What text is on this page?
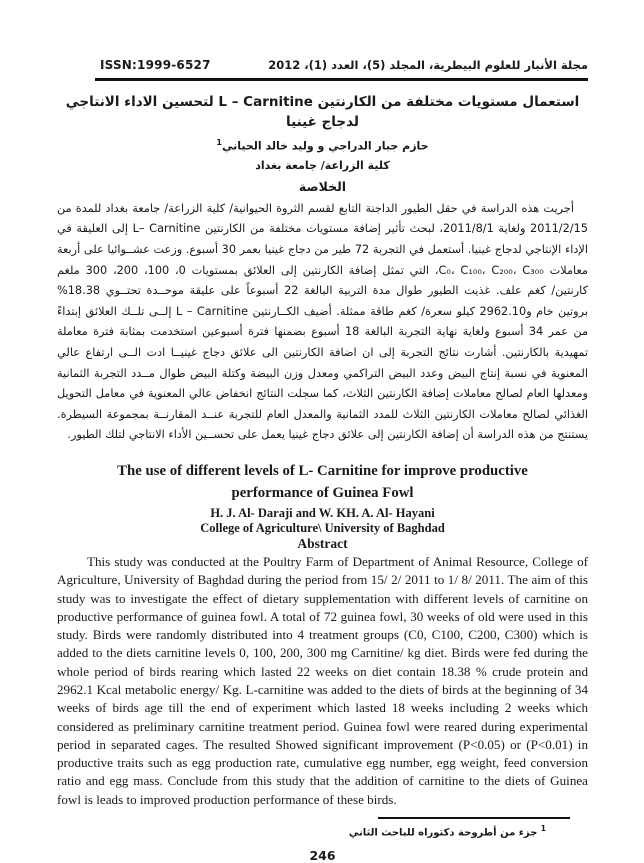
ISSN:1999-6527	مجلة الأنبار للعلوم البيطرية، المجلد (5)، العدد (1)، 2012
استعمال مستويات مختلفة من الكارنتين L – Carnitine لتحسين الاداء الانتاجي لدجاج غينيا
حازم جبار الدراجي و وليد خالد الحياني$^1$
كلية الزراعة/ جامعة بغداد
الخلاصة

أجريت هذه الدراسة في حقل الطيور الداجنة التابع لقسم الثروة الحيوانية/ كلية الزراعة/ جامعة بغداد للمدة من 2011/2/15 ولغاية 2011/8/1، لبحث تأثير إضافة مستويات مختلفة من الكارنتين L– Carnitine إلى العليقة في الإداء الإنتاجي لدجاج غينيا. أستعمل في التجربة 72 طير من دجاج غينيا بعمر 30 أسبوع. وزعت عشــوائيا على أربعة معاملات C₀، C₁₀₀، C₂₀₀، C₃₀₀، التي تمثل إضافة الكارنتين إلى العلائق بمستويات 0، 100، 200، 300 ملغم كارنتين/ كغم علف. غذيت الطيور طوال مدة التربية البالغة 22 أسبوعاً على عليقة موحــدة تحتــوي 18.38% بروتين خام و2962.10 كيلو سعرة/ كغم طاقة ممثلة. أضيف الكــارنتين L – Carnitine إلــى تلــك العلائق إبتداءً من عمر 34 أسبوع ولغاية نهاية التجربة البالغة 18 أسبوع بضمنها فترة أسبوعين استخدمت بمثابة فترة معاملة تمهيدية بالكارنتين. أشارت نتائج التجربة إلى ان اضافة الكارنتين الى علائق دجاج غينيــا ادت الــى ارتفاع عالي المعنوية في نسبة إنتاج البيض وعدد البيض التراكمي ومعدل وزن البيضة وكتلة البيض طوال مــدد التجربة الثمانية ومعدلها العام لصالح معاملات إضافة الكارنتين الثلاث، كما سجلت النتائج انخفاض عالي المعنوية في معامل التحويل الغذائي لصالح معاملات الكارنتين الثلاث للمدد الثمانية والمعدل العام للتجربة عنــد المقارنــة بمجموعة السيطرة. يستنتج من هذه الدراسة أن إضافة الكارنتين إلى علائق دجاج غينيا يعمل على تحســين الأداء الانتاجي لتلك الطيور.

The use of different levels of L- Carnitine for improve productive performance of Guinea Fowl
H. J. Al- Daraji and W. KH. A. Al- Hayani
College of Agriculture\ University of Baghdad
Abstract

This study was conducted at the Poultry Farm of Department of Animal Resource, College of Agriculture, University of Baghdad during the period from 15/ 2/ 2011 to 1/ 8/ 2011. The aim of this study was to investigate the effect of dietary supplementation with different levels of carnitine on productive performance of guinea fowl. A total of 72 guinea fowl, 30 weeks of old were used in this study. Birds were randomly distributed into 4 treatment groups (C0, C100, C200, C300) which is added to the diets carnitine levels 0, 100, 200, 300 mg Carnitine/ kg diet. Birds were fed during the whole period of birds rearing which lasted 22 weeks on diet contain 18.38 % crude protein and 2962.1 Kcal metabolic energy/ Kg. L-carnitine was added to the diets of birds at the beginning of 34 weeks of birds age till the end of experiment which lasted 18 weeks including 2 weeks which considered as preliminary carnitine treatment period. Guinea fowl were reared during experimental period in separated cages. The resulted Showed significant improvement (P<0.05) or (P<0.01) in productive traits such as egg production rate, cumulative egg number, egg weight, feed conversion ratio and egg mass. Conclude from this study that the addition of carnitine to the diets of Guinea fowl is leads to improved production performance of these birds.

$^1$ جزء من أطروحة دكتوراه للباحث الثاني
246
